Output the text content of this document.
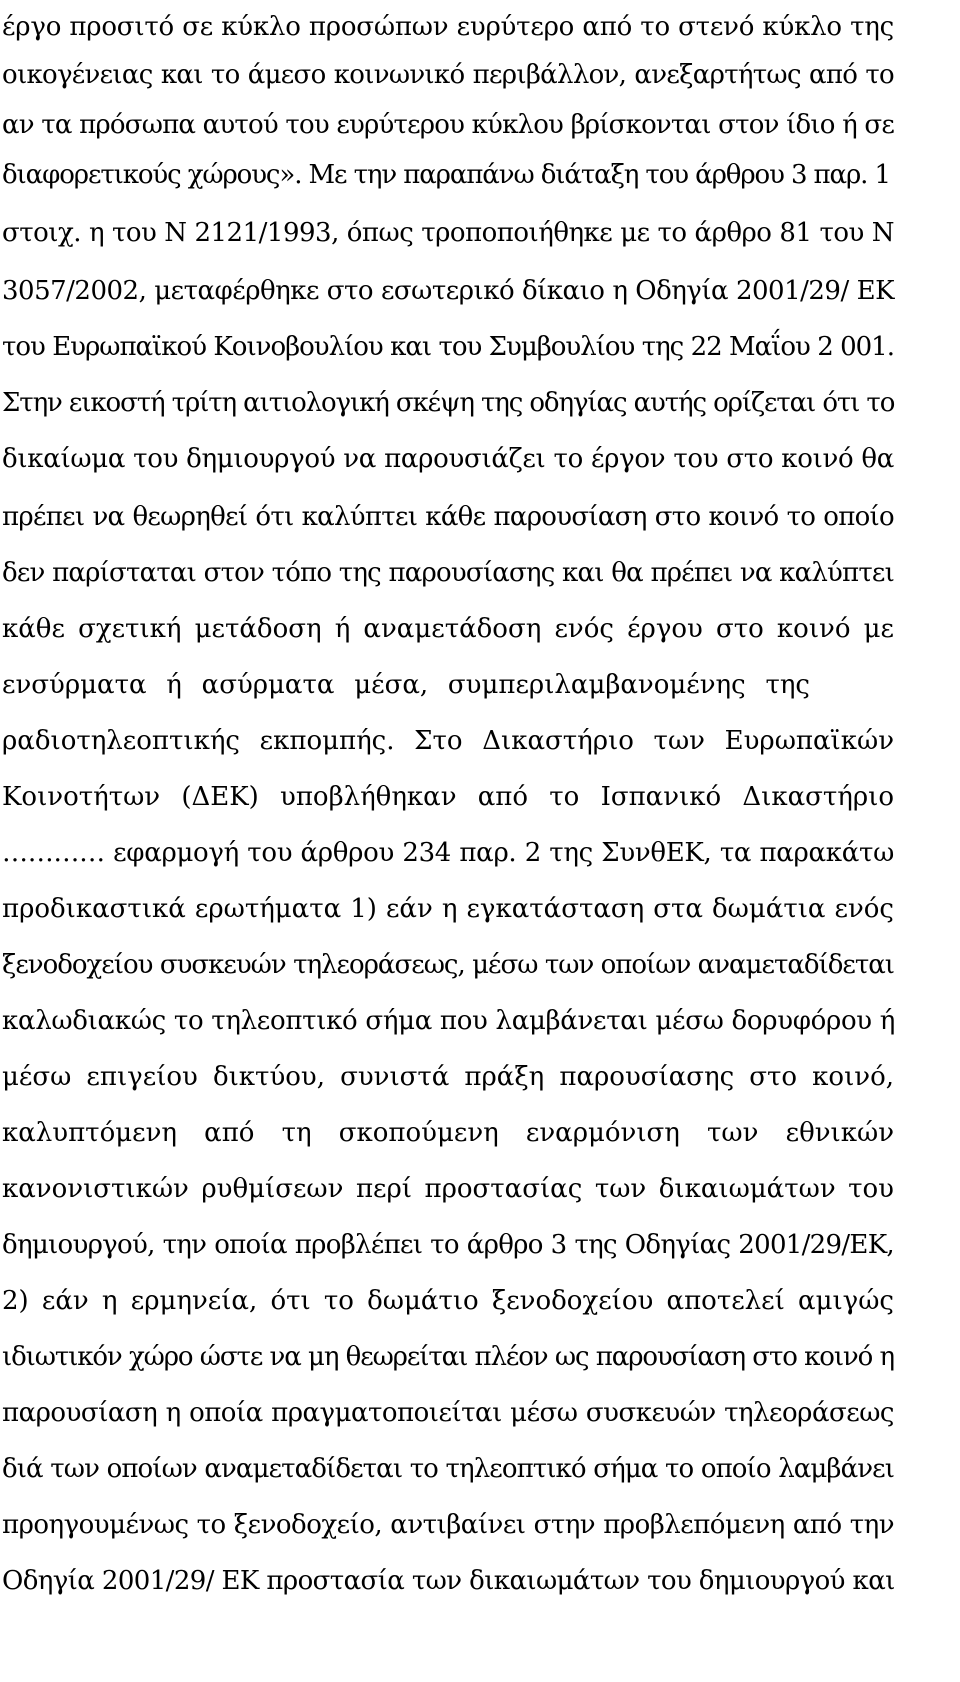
έργο προσιτό σε κύκλο προσώπων ευρύτερο από το στενό κύκλο της
οικογένειας και το άμεσο κοινωνικό περιβάλλον, ανεξαρτήτως από το
αν τα πρόσωπα αυτού του ευρύτερου κύκλου βρίσκονται στον ίδιο ή σε
διαφορετικούς χώρους». Με την παραπάνω διάταξη του άρθρου 3 παρ. 1
στοιχ. η του Ν 2121/1993, όπως τροποποιήθηκε με το άρθρο 81 του Ν
3057/2002, μεταφέρθηκε στο εσωτερικό δίκαιο η Οδηγία 2001/29/ ΕΚ
του Ευρωπαϊκού Κοινοβουλίου και του Συμβουλίου της 22 Μαΐου 2 001.
Στην εικοστή τρίτη αιτιολογική σκέψη της οδηγίας αυτής ορίζεται ότι το
δικαίωμα του δημιουργού να παρουσιάζει το έργον του στο κοινό θα
πρέπει να θεωρηθεί ότι καλύπτει κάθε παρουσίαση στο κοινό το οποίο
δεν παρίσταται στον τόπο της παρουσίασης και θα πρέπει να καλύπτει
κάθε σχετική μετάδοση ή αναμετάδοση ενός έργου στο κοινό με
ενσύρματα ή ασύρματα μέσα, συμπεριλαμβανομένης της
ραδιοτηλεοπτικής εκπομπής. Στο Δικαστήριο των Ευρωπαϊκών
Κοινοτήτων (ΔΕΚ) υποβλήθηκαν από το Ισπανικό Δικαστήριο
………… εφαρμογή του άρθρου 234 παρ. 2 της ΣυνθΕΚ, τα παρακάτω
προδικαστικά ερωτήματα 1) εάν η εγκατάσταση στα δωμάτια ενός
ξενοδοχείου συσκευών τηλεοράσεως, μέσω των οποίων αναμεταδίδεται
καλωδιακώς το τηλεοπτικό σήμα που λαμβάνεται μέσω δορυφόρου ή
μέσω επιγείου δικτύου, συνιστά πράξη παρουσίασης στο κοινό,
καλυπτόμενη από τη σκοπούμενη εναρμόνιση των εθνικών
κανονιστικών ρυθμίσεων περί προστασίας των δικαιωμάτων του
δημιουργού, την οποία προβλέπει το άρθρο 3 της Οδηγίας 2001/29/ΕΚ,
2) εάν η ερμηνεία, ότι το δωμάτιο ξενοδοχείου αποτελεί αμιγώς
ιδιωτικόν χώρο ώστε να μη θεωρείται πλέον ως παρουσίαση στο κοινό η
παρουσίαση η οποία πραγματοποιείται μέσω συσκευών τηλεοράσεως
διά των οποίων αναμεταδίδεται το τηλεοπτικό σήμα το οποίο λαμβάνει
προηγουμένως το ξενοδοχείο, αντιβαίνει στην προβλεπόμενη από την
Οδηγία 2001/29/ ΕΚ προστασία των δικαιωμάτων του δημιουργού και
